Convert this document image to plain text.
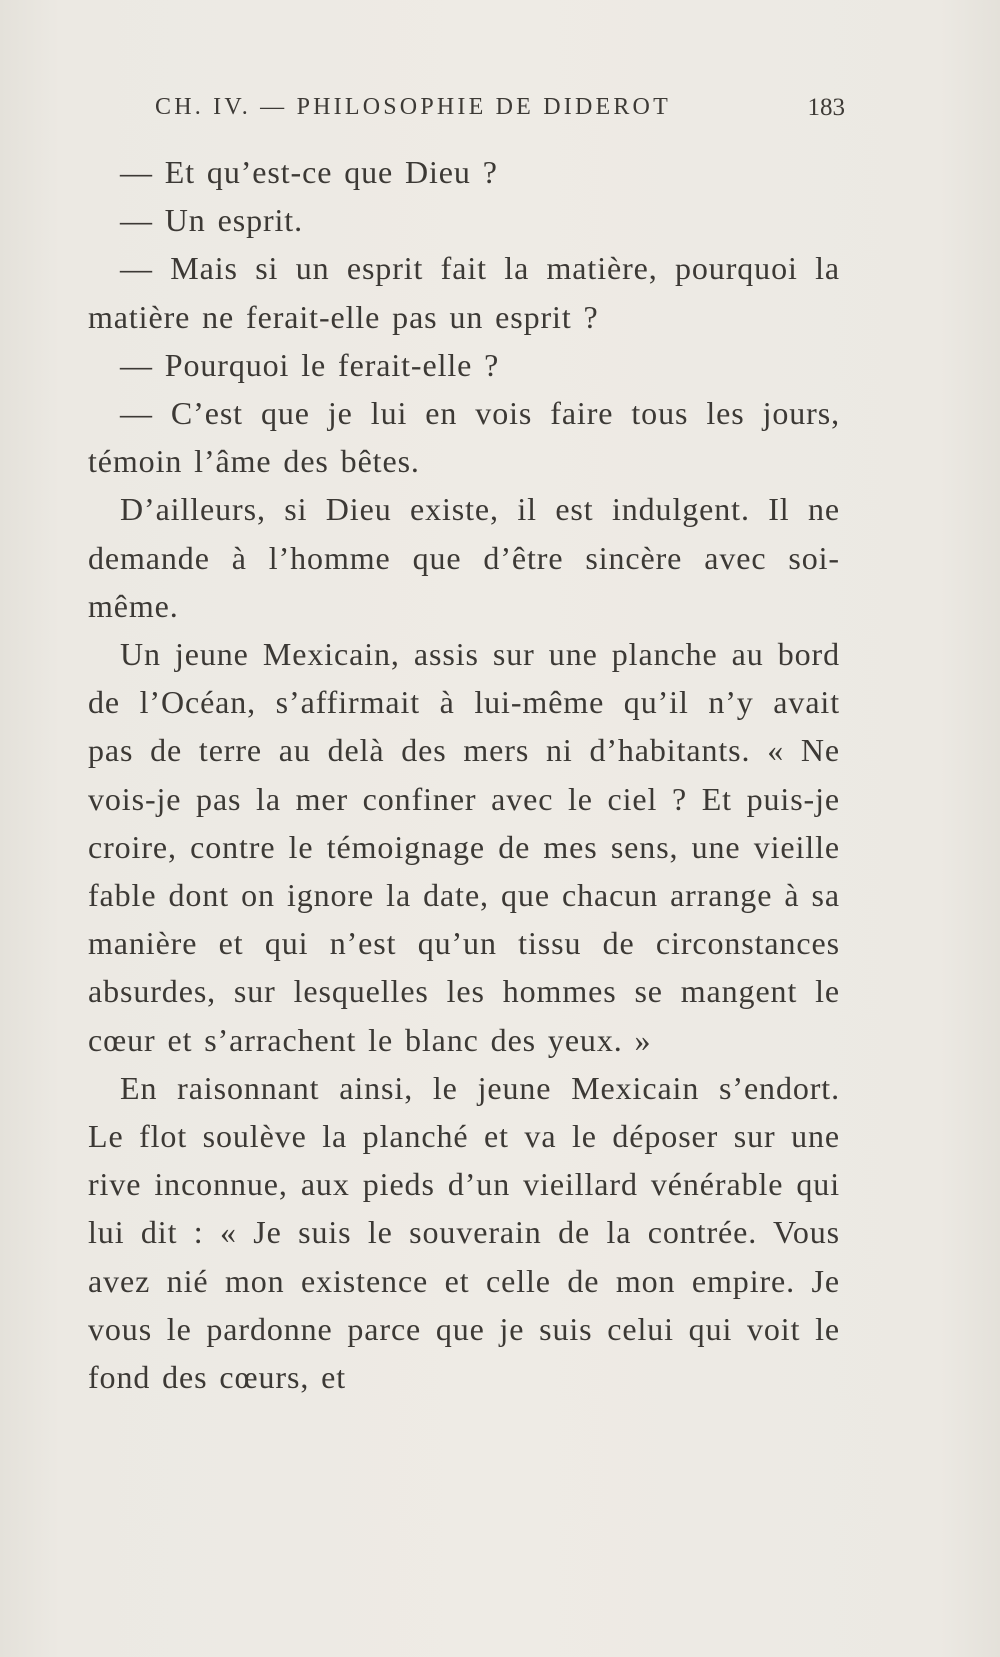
CH. IV. — PHILOSOPHIE DE DIDEROT	183

— Et qu’est-ce que Dieu ?

— Un esprit.

— Mais si un esprit fait la matière, pourquoi la matière ne ferait-elle pas un esprit ?

— Pourquoi le ferait-elle ?

— C’est que je lui en vois faire tous les jours, témoin l’âme des bêtes.

D’ailleurs, si Dieu existe, il est indulgent. Il ne demande à l’homme que d’être sincère avec soi-même.

Un jeune Mexicain, assis sur une planche au bord de l’Océan, s’affirmait à lui-même qu’il n’y avait pas de terre au delà des mers ni d’habitants. « Ne vois-je pas la mer confiner avec le ciel ? Et puis-je croire, contre le témoignage de mes sens, une vieille fable dont on ignore la date, que chacun arrange à sa manière et qui n’est qu’un tissu de circonstances absurdes, sur lesquelles les hommes se mangent le cœur et s’arrachent le blanc des yeux. »

En raisonnant ainsi, le jeune Mexicain s’endort. Le flot soulève la planché et va le déposer sur une rive inconnue, aux pieds d’un vieillard vénérable qui lui dit : « Je suis le souverain de la contrée. Vous avez nié mon existence et celle de mon empire. Je vous le pardonne parce que je suis celui qui voit le fond des cœurs, et
